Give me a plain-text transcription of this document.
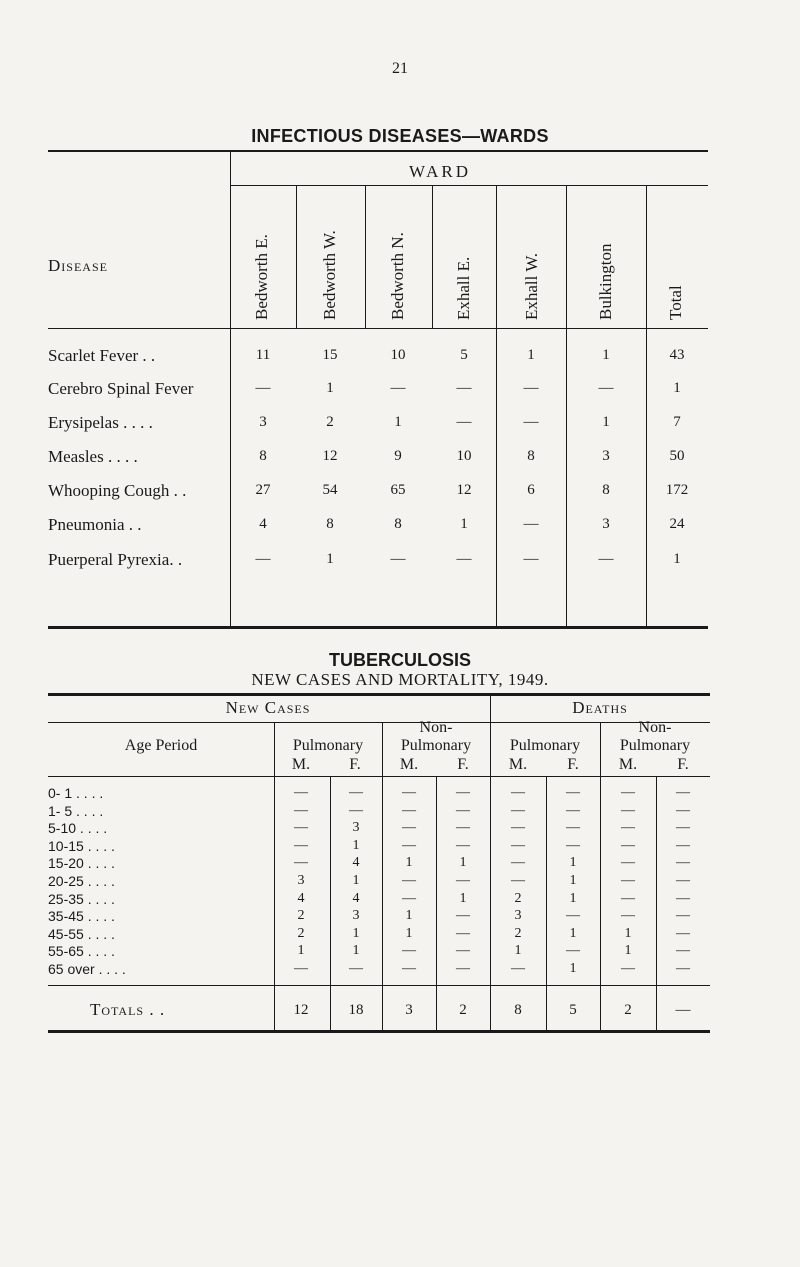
21
INFECTIOUS DISEASES—WARDS
WARD
Disease	Bedworth E.	Bedworth W.	Bedworth N.	Exhall E.	Exhall W.	Bulkington	Total
Scarlet Fever . .	11	15	10	5	1	1	43
Cerebro Spinal Fever	—	1	—	—	—	—	1
Erysipelas . . . .	3	2	1	—	—	1	7
Measles . . . .	8	12	9	10	8	3	50
Whooping Cough . .	27	54	65	12	6	8	172
Pneumonia . .	4	8	8	1	—	3	24
Puerperal Pyrexia. .	—	1	—	—	—	—	1
TUBERCULOSIS
NEW CASES AND MORTALITY, 1949.
New Cases	Deaths
Age Period	Pulmonary
M.	F.
Non-
Pulmonary
M.	F.
Pulmonary
M.	F.
Non-
Pulmonary
M.	F.
0- 1 . . . .	—	—	—	—	—	—	—	—
1- 5 . . . .	—	—	—	—	—	—	—	—
5-10 . . . .	—	3	—	—	—	—	—	—
10-15 . . . .	—	1	—	—	—	—	—	—
15-20 . . . .	—	4	1	1	—	1	—	—
20-25 . . . .	3	1	—	—	—	1	—	—
25-35 . . . .	4	4	—	1	2	1	—	—
35-45 . . . .	2	3	1	—	3	—	—	—
45-55 . . . .	2	1	1	—	2	1	1	—
55-65 . . . .	1	1	—	—	1	—	1	—
65 over . . . .	—	—	—	—	—	1	—	—
Totals . .	12	18	3	2	8	5	2	—
